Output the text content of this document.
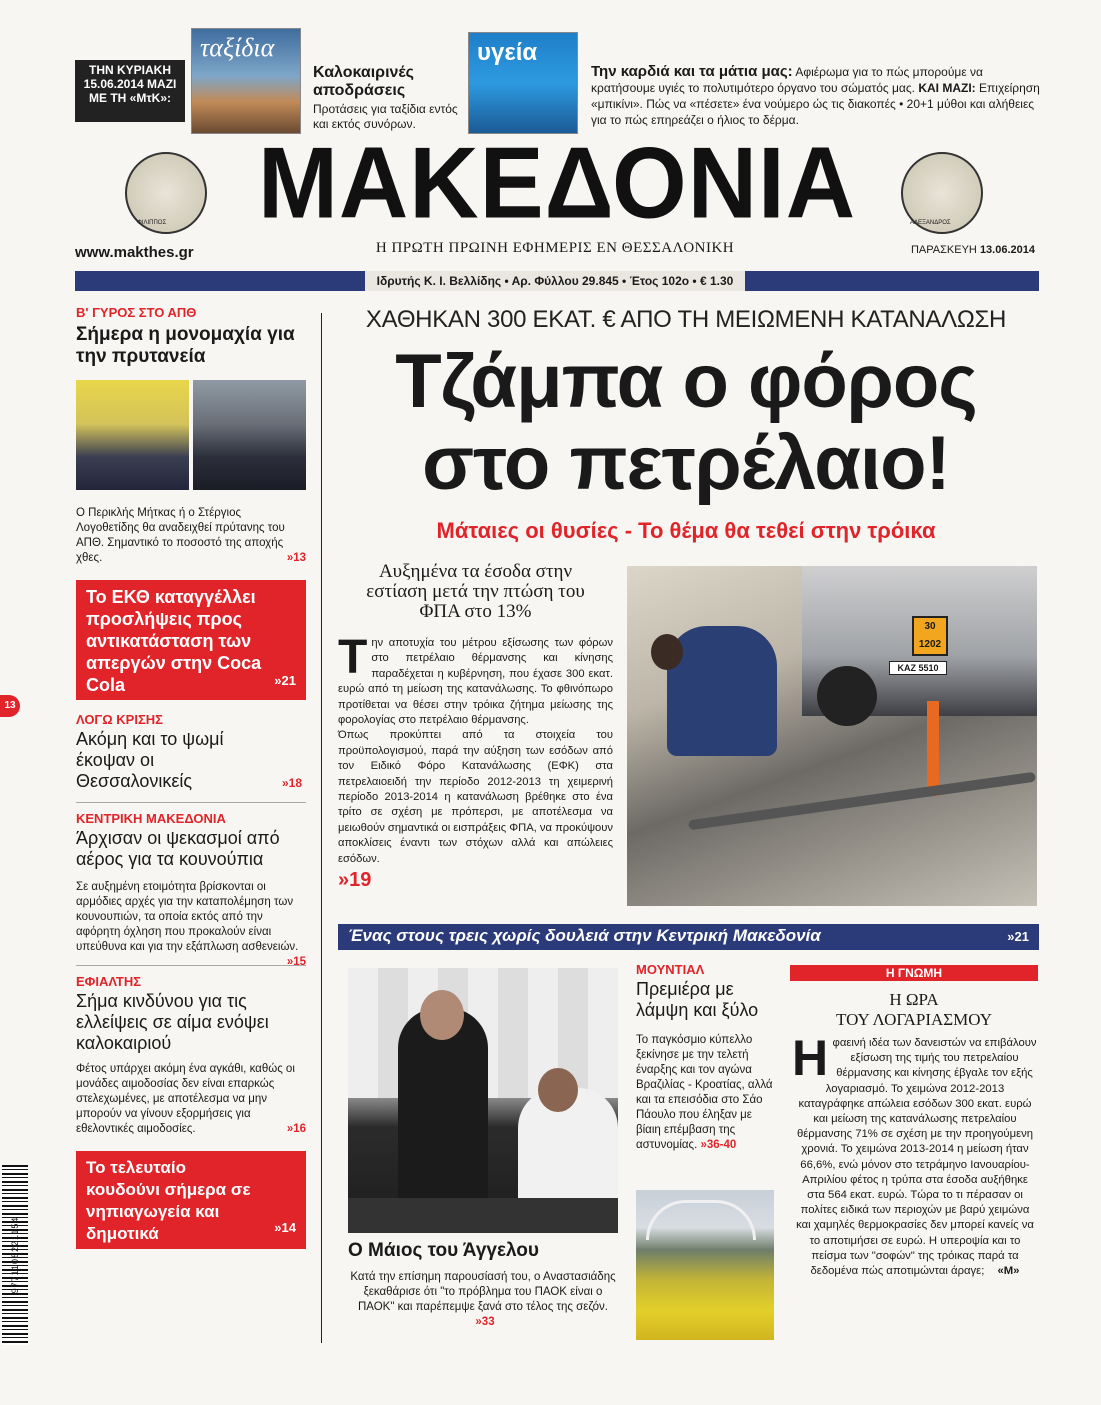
ΤΗΝ ΚΥΡΙΑΚΗ 15.06.2014 ΜΑΖΙ ΜΕ ΤΗ «ΜτΚ»:
ταξίδια
Καλοκαιρινές αποδράσεις
Προτάσεις για ταξίδια εντός και εκτός συνόρων.
υγεία
Την καρδιά και τα μάτια μας: Αφιέρωμα για το πώς μπορούμε να κρατήσουμε υγιές το πολυτιμότερο όργανο του σώματός μας. ΚΑΙ ΜΑΖΙ: Επιχείρηση «μπικίνι». Πώς να «πέσετε» ένα νούμερο ώς τις διακοπές • 20+1 μύθοι και αλήθειες για το πώς επηρεάζει ο ήλιος το δέρμα.
ΦΙΛΙΠΠΟΣ ΜΑΚΕΔΟΝΙΑ	ΑΛΕΞΑΝΔΡΟΣ
www.makthes.gr	Η ΠΡΩΤΗ ΠΡΩΙΝΗ ΕΦΗΜΕΡΙΣ ΕΝ ΘΕΣΣΑΛΟΝΙΚΗ	ΠΑΡΑΣΚΕΥΗ 13.06.2014
Ιδρυτής Κ. Ι. Βελλίδης • Αρ. Φύλλου 29.845 • Έτος 102ο • € 1.30
13
Β' ΓΥΡΟΣ ΣΤΟ ΑΠΘ
Σήμερα η μονομαχία για την πρυτανεία
Ο Περικλής Μήτκας ή ο Στέργιος Λογοθετίδης θα αναδειχθεί πρύτανης του ΑΠΘ. Σημαντικό το ποσοστό της αποχής χθες.	»13
Το ΕΚΘ καταγγέλλει προσλήψεις προς αντικατάσταση των απεργών στην Coca Cola	»21
ΛΟΓΩ ΚΡΙΣΗΣ
Ακόμη και το ψωμί έκοψαν οι Θεσσαλονικείς	»18
ΚΕΝΤΡΙΚΗ ΜΑΚΕΔΟΝΙΑ
Άρχισαν οι ψεκασμοί από αέρος για τα κουνούπια
Σε αυξημένη ετοιμότητα βρίσκονται οι αρμόδιες αρχές για την καταπολέμηση των κουνουπιών, τα οποία εκτός από την αφόρητη όχληση που προκαλούν είναι υπεύθυνα και για την εξάπλωση ασθενειών.
»15
ΕΦΙΑΛΤΗΣ
Σήμα κινδύνου για τις ελλείψεις σε αίμα ενόψει καλοκαιριού
Φέτος υπάρχει ακόμη ένα αγκάθι, καθώς οι μονάδες αιμοδοσίας δεν είναι επαρκώς στελεχωμένες, με αποτέλεσμα να μην μπορούν να γίνουν εξορμήσεις για εθελοντικές αιμοδοσίες.	»16
Το τελευταίο κουδούνι σήμερα σε νηπιαγωγεία και δημοτικά	»14
9771108221154
ΧΑΘΗΚΑΝ 300 ΕΚΑΤ. € ΑΠΟ ΤΗ ΜΕΙΩΜΕΝΗ ΚΑΤΑΝΑΛΩΣΗ
Τζάμπα ο φόρος
στο πετρέλαιο!
Μάταιες οι θυσίες - Το θέμα θα τεθεί στην τρόικα
Αυξημένα τα έσοδα στην εστίαση μετά την πτώση του ΦΠΑ στο 13%
Τ ην αποτυχία του μέτρου εξίσωσης των φόρων στο πετρέλαιο θέρμανσης και κίνησης παραδέχεται η κυβέρνηση, που έχασε 300 εκατ. ευρώ από τη μείωση της κατανάλωσης. Το φθινόπωρο προτίθεται να θέσει στην τρόικα ζήτημα μείωσης της φορολογίας στο πετρέλαιο θέρμανσης.
Όπως προκύπτει από τα στοιχεία του προϋπολογισμού, παρά την αύξηση των εσόδων από τον Ειδικό Φόρο Κατανάλωσης (ΕΦΚ) στα πετρελαιοειδή την περίοδο 2012-2013 τη χειμερινή περίοδο 2013-2014 η κατανάλωση βρέθηκε στο ένα τρίτο σε σχέση με πρόπερσι, με αποτέλεσμα να μειωθούν σημαντικά οι εισπράξεις ΦΠΑ, να προκύψουν αποκλίσεις έναντι των στόχων αλλά και απώλειες εσόδων.
»19
30
1202
ΚΑΖ 5510
Ένας στους τρεις χωρίς δουλειά στην Κεντρική Μακεδονία	»21
Ο Μάιος του Άγγελου
Κατά την επίσημη παρουσίασή του, ο Αναστασιάδης ξεκαθάρισε ότι "το πρόβλημα του ΠΑΟΚ είναι ο ΠΑΟΚ" και παρέπεμψε ξανά στο τέλος της σεζόν. »33
ΜΟΥΝΤΙΑΛ
Πρεμιέρα με λάμψη και ξύλο
Το παγκόσμιο κύπελλο ξεκίνησε με την τελετή έναρξης και τον αγώνα Βραζιλίας - Κροατίας, αλλά και τα επεισόδια στο Σάο Πάουλο που έληξαν με βίαιη επέμβαση της αστυνομίας. »36-40
Η ΓΝΩΜΗ
Η ΩΡΑ
ΤΟΥ ΛΟΓΑΡΙΑΣΜΟΥ
Η φαεινή ιδέα των δανειστών να επιβάλουν εξίσωση της τιμής του πετρελαίου θέρμανσης και κίνησης έβγαλε τον εξής λογαριασμό. Το χειμώνα 2012-2013 καταγράφηκε απώλεια εσόδων 300 εκατ. ευρώ και μείωση της κατανάλωσης πετρελαίου θέρμανσης 71% σε σχέση με την προηγούμενη χρονιά. Το χειμώνα 2013-2014 η μείωση ήταν 66,6%, ενώ μόνον στο τετράμηνο Ιανουαρίου-Απριλίου φέτος η τρύπα στα έσοδα αυξήθηκε στα 564 εκατ. ευρώ. Τώρα το τι πέρασαν οι πολίτες ειδικά των περιοχών με βαρύ χειμώνα και χαμηλές θερμοκρασίες δεν μπορεί κανείς να το αποτιμήσει σε ευρώ. Η υπεροψία και το πείσμα των "σοφών" της τρόικας παρά τα δεδομένα πώς αποτιμώνται άραγε; «Μ»
